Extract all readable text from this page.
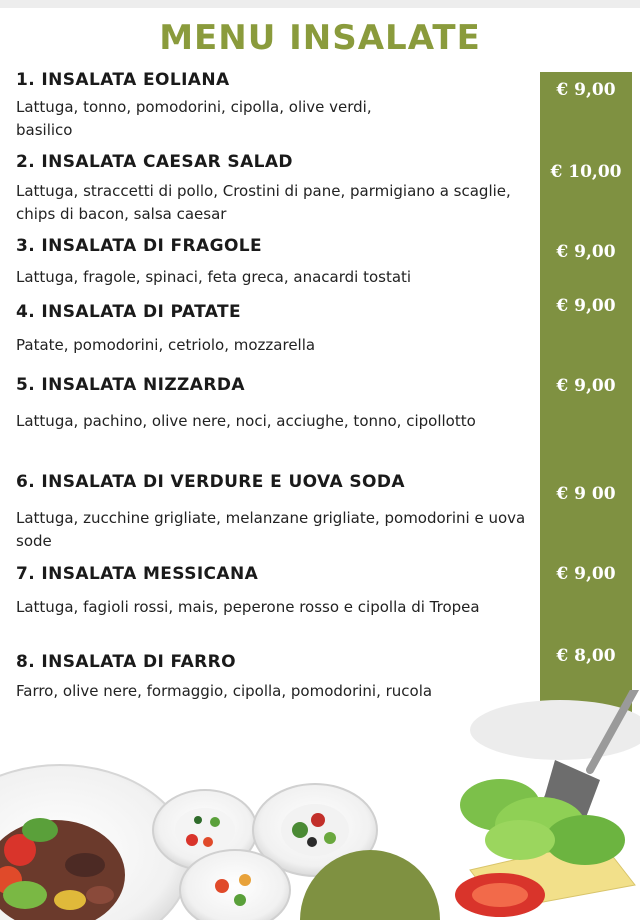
MENU INSALATE
1. INSALATA EOLIANA
Lattuga, tonno, pomodorini, cipolla, olive verdi, basilico
€ 9,00
2. INSALATA CAESAR SALAD
Lattuga, straccetti di pollo, Crostini di pane, parmigiano a scaglie, chips di bacon, salsa caesar
€ 10,00
3. INSALATA DI FRAGOLE
Lattuga, fragole, spinaci, feta greca, anacardi tostati
€ 9,00
4. INSALATA DI PATATE
Patate, pomodorini, cetriolo, mozzarella
€ 9,00
5. INSALATA NIZZARDA
Lattuga, pachino, olive nere, noci, acciughe, tonno, cipollotto
€ 9,00
6. INSALATA DI VERDURE E UOVA SODA
Lattuga, zucchine grigliate, melanzane grigliate, pomodorini e uova sode
€ 9 00
7. INSALATA MESSICANA
Lattuga, fagioli rossi, mais, peperone rosso e cipolla di Tropea
€ 9,00
8. INSALATA DI FARRO
Farro, olive nere, formaggio, cipolla, pomodorini, rucola
€ 8,00
